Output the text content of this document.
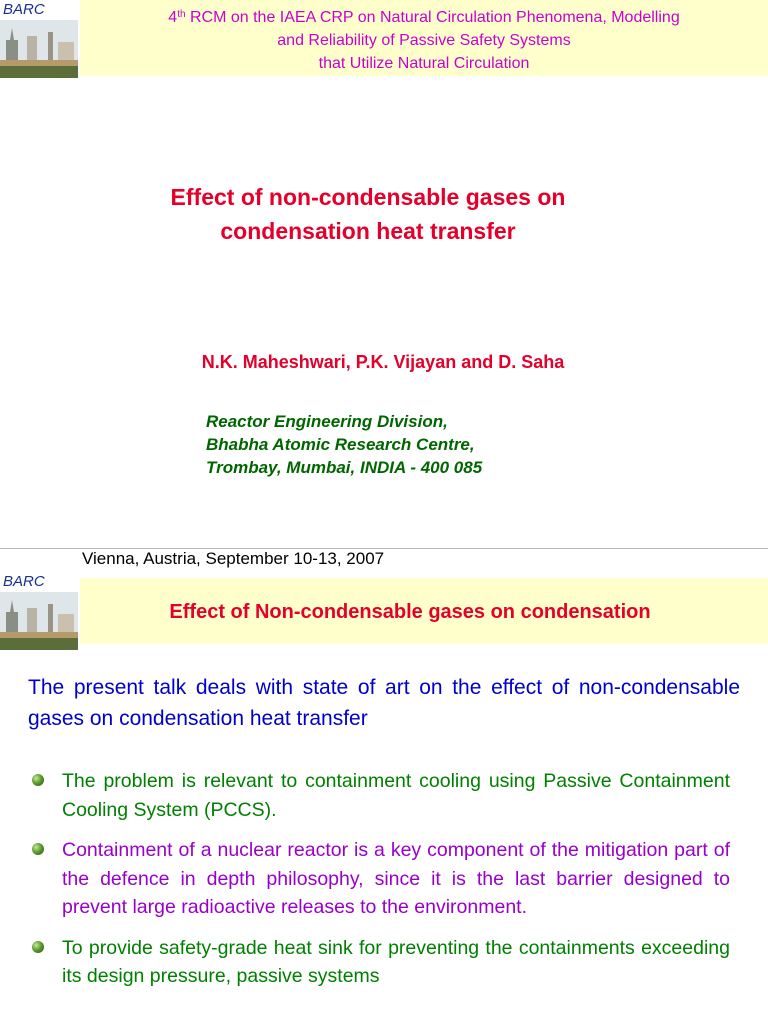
BARC	4th RCM on the IAEA CRP on Natural Circulation Phenomena, Modelling
and Reliability of Passive Safety Systems
that Utilize Natural Circulation
Effect of non-condensable gases on
condensation heat transfer
N.K. Maheshwari, P.K. Vijayan and D. Saha
Reactor Engineering Division,
Bhabha Atomic Research Centre,
Trombay, Mumbai, INDIA - 400 085
Vienna, Austria, September 10-13, 2007
BARC
Effect of Non-condensable gases on condensation
The present talk deals with state of art on the effect of non-condensable gases on condensation heat transfer
The problem is relevant to containment cooling using Passive Containment Cooling System (PCCS).
Containment of a nuclear reactor is a key component of the mitigation part of the defence in depth philosophy, since it is the last barrier designed to prevent large radioactive releases to the environment.
To provide safety-grade heat sink for preventing the containments exceeding its design pressure, passive systems
